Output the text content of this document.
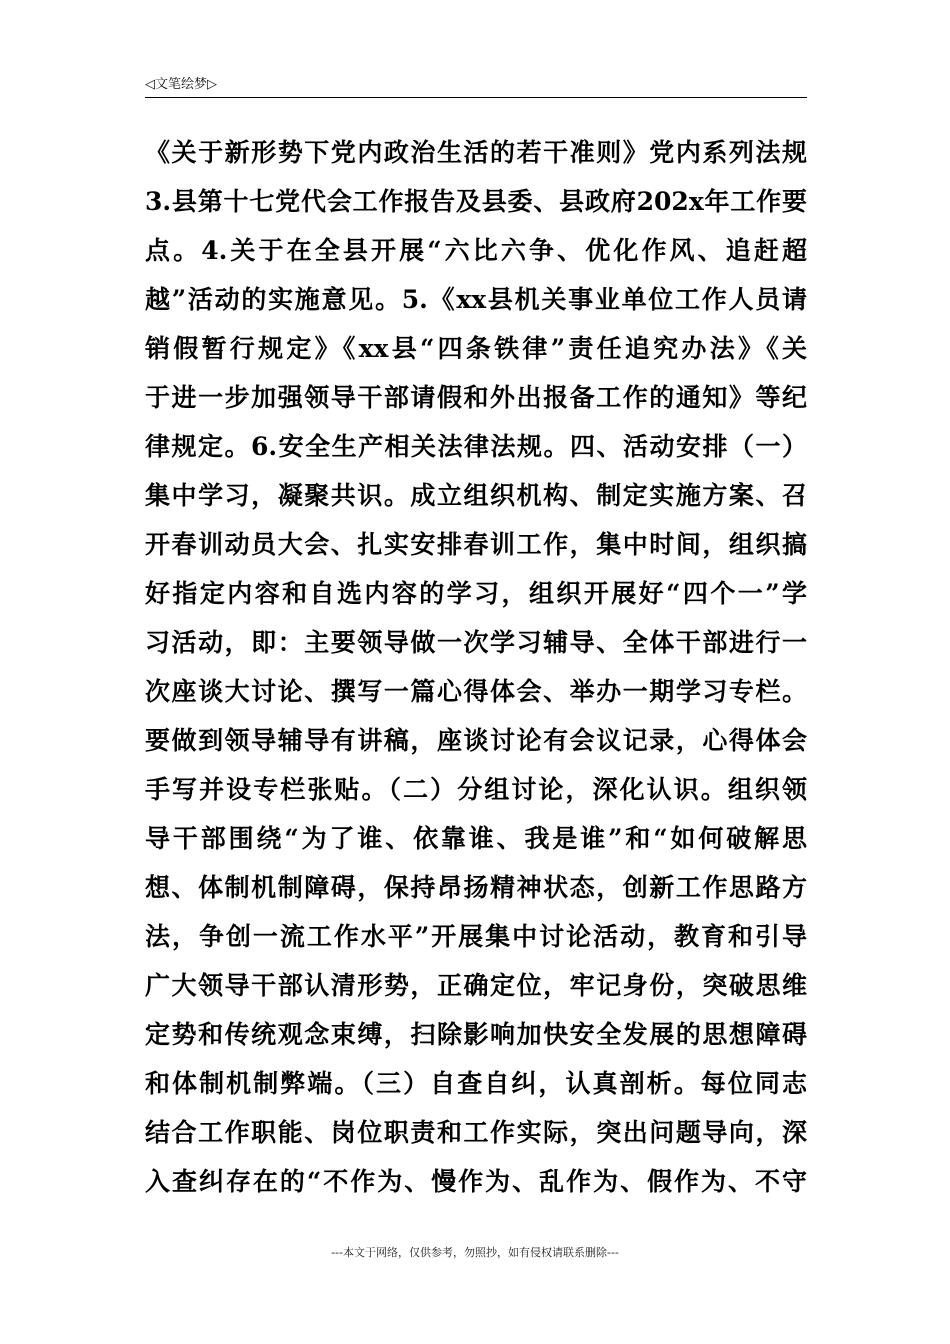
◁文笔绘梦▷
《关于新形势下党内政治生活的若干准则》党内系列法规
3.县第十七党代会工作报告及县委、县政府202x年工作要
点。4.关于在全县开展“六比六争、优化作风、追赶超
越”活动的实施意见。5.《xx县机关事业单位工作人员请
销假暂行规定》《xx县“四条铁律”责任追究办法》《关
于进一步加强领导干部请假和外出报备工作的通知》等纪
律规定。6.安全生产相关法律法规。四、活动安排（一）
集中学习，凝聚共识。成立组织机构、制定实施方案、召
开春训动员大会、扎实安排春训工作，集中时间，组织搞
好指定内容和自选内容的学习，组织开展好“四个一”学
习活动，即：主要领导做一次学习辅导、全体干部进行一
次座谈大讨论、撰写一篇心得体会、举办一期学习专栏。
要做到领导辅导有讲稿，座谈讨论有会议记录，心得体会
手写并设专栏张贴。（二）分组讨论，深化认识。组织领
导干部围绕“为了谁、依靠谁、我是谁”和“如何破解思
想、体制机制障碍，保持昂扬精神状态，创新工作思路方
法，争创一流工作水平”开展集中讨论活动，教育和引导
广大领导干部认清形势，正确定位，牢记身份，突破思维
定势和传统观念束缚，扫除影响加快安全发展的思想障碍
和体制机制弊端。（三）自查自纠，认真剖析。每位同志
结合工作职能、岗位职责和工作实际，突出问题导向，深
入查纠存在的“不作为、慢作为、乱作为、假作为、不守
---本文于网络，仅供参考，勿照抄，如有侵权请联系删除---
